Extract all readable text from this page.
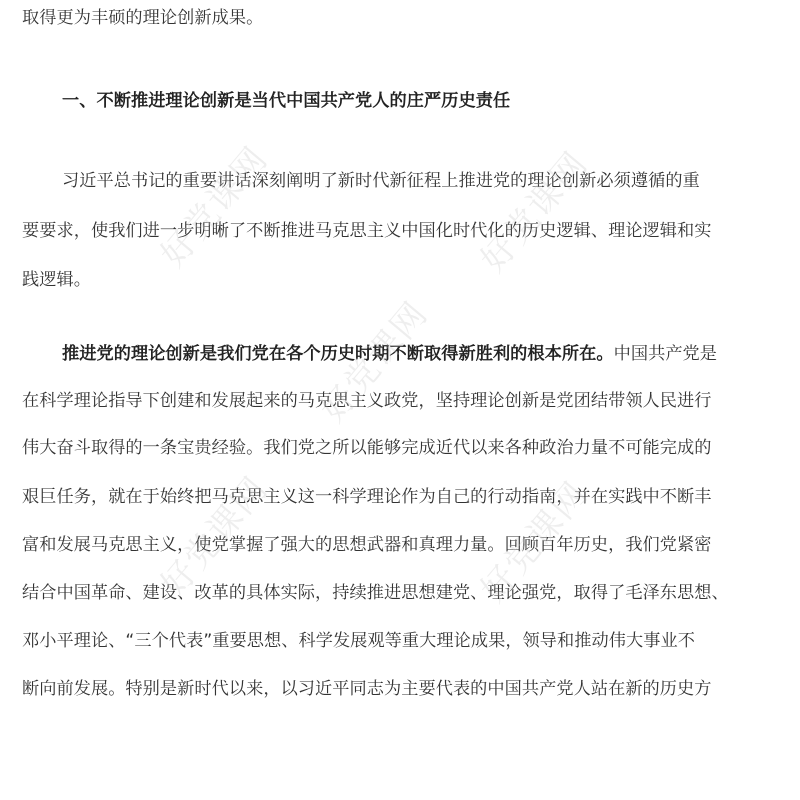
取得更为丰硕的理论创新成果。
一、不断推进理论创新是当代中国共产党人的庄严历史责任
习近平总书记的重要讲话深刻阐明了新时代新征程上推进党的理论创新必须遵循的重
要要求，使我们进一步明晰了不断推进马克思主义中国化时代化的历史逻辑、理论逻辑和实
践逻辑。
推进党的理论创新是我们党在各个历史时期不断取得新胜利的根本所在。中国共产党是
在科学理论指导下创建和发展起来的马克思主义政党，坚持理论创新是党团结带领人民进行
伟大奋斗取得的一条宝贵经验。我们党之所以能够完成近代以来各种政治力量不可能完成的
艰巨任务，就在于始终把马克思主义这一科学理论作为自己的行动指南，并在实践中不断丰
富和发展马克思主义，使党掌握了强大的思想武器和真理力量。回顾百年历史，我们党紧密
结合中国革命、建设、改革的具体实际，持续推进思想建党、理论强党，取得了毛泽东思想、
邓小平理论、“三个代表”重要思想、科学发展观等重大理论成果，领导和推动伟大事业不
断向前发展。特别是新时代以来，以习近平同志为主要代表的中国共产党人站在新的历史方
好党课网	好党课网
好党课网
好党课网	好党课网
